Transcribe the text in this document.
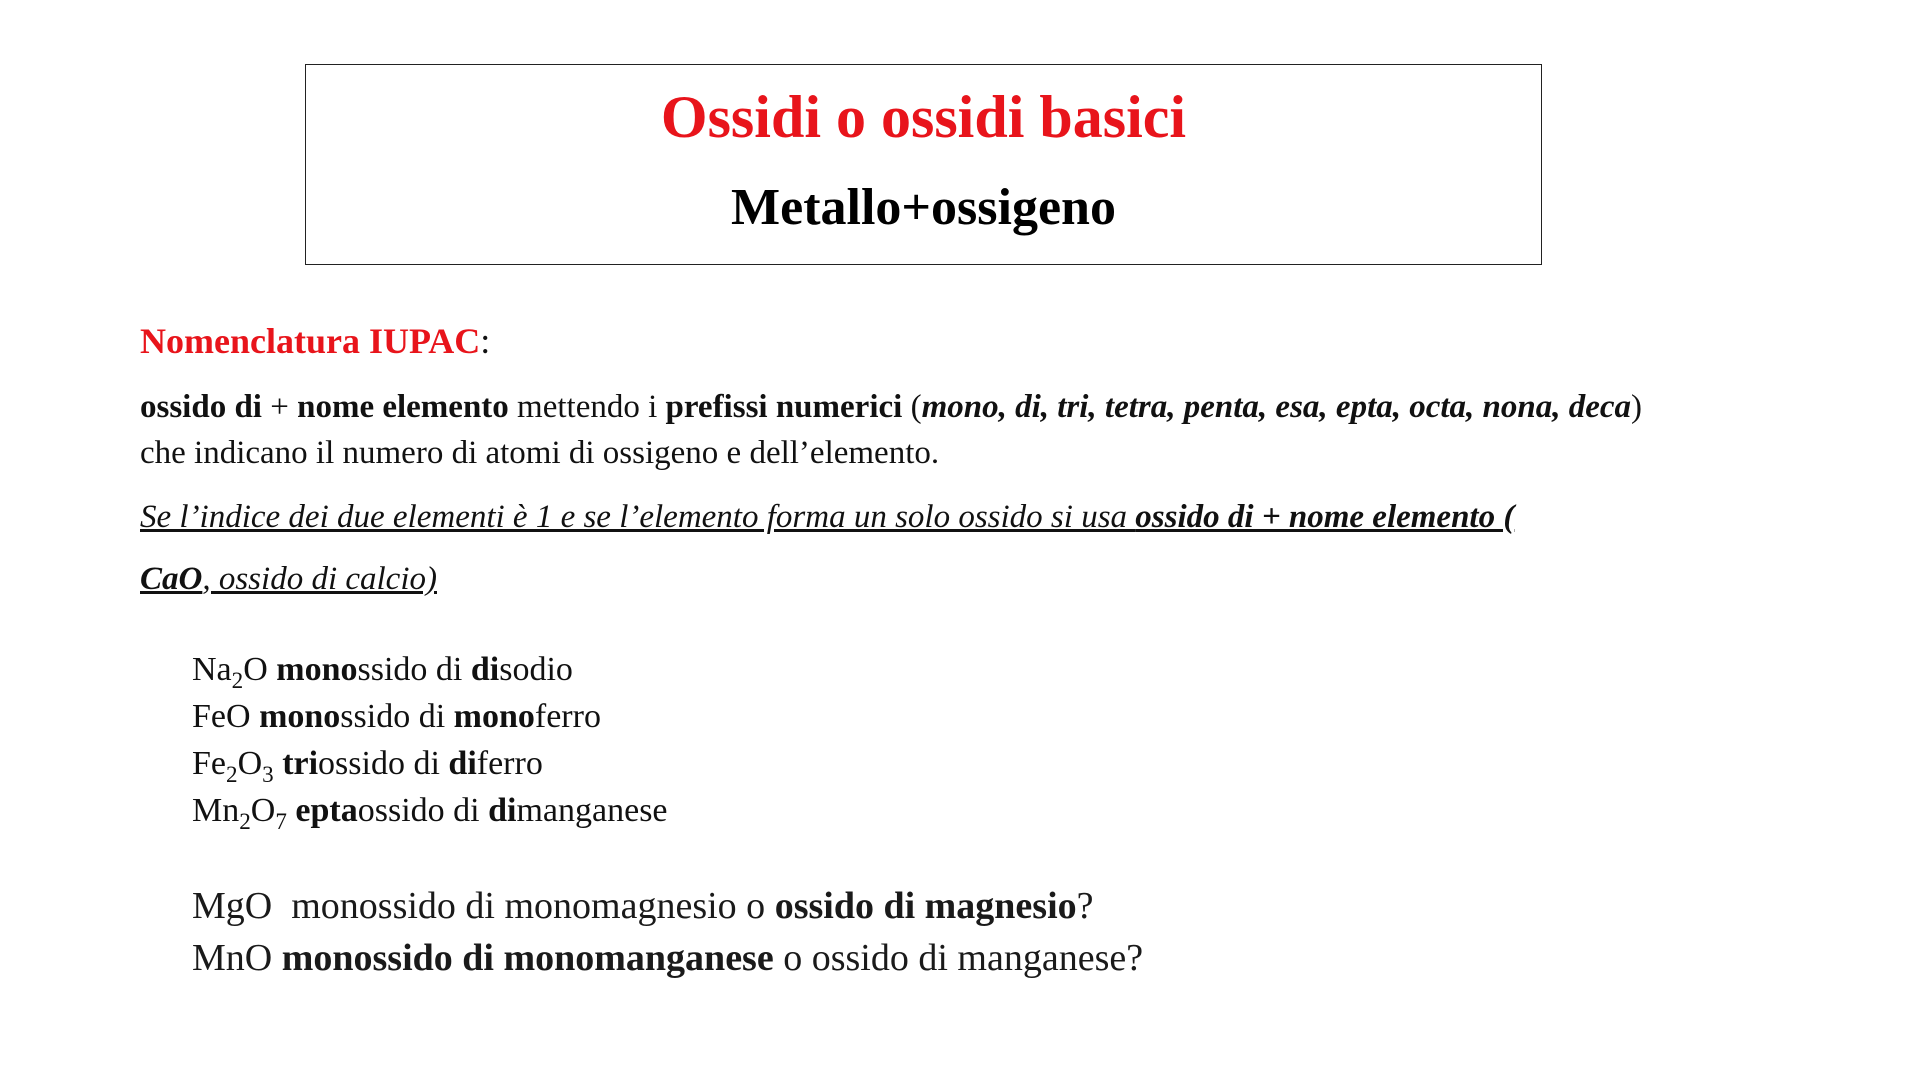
Ossidi o ossidi basici
Metallo+ossigeno
Nomenclatura IUPAC:
ossido di + nome elemento mettendo i prefissi numerici (mono, di, tri, tetra, penta, esa, epta, octa, nona, deca)
che indicano il numero di atomi di ossigeno e dell’elemento.
Se l’indice dei due elementi è 1 e se l’elemento forma un solo ossido si usa ossido di + nome elemento (
CaO, ossido di calcio)
$Na_2O$ monossido di disodio
FeO monossido di monoferro
$Fe_2O_3$ triossido di diferro
$Mn_2O_7$ eptaossido di dimanganese
MgO  monossido di monomagnesio o ossido di magnesio?
MnO monossido di monomanganese o ossido di manganese?
